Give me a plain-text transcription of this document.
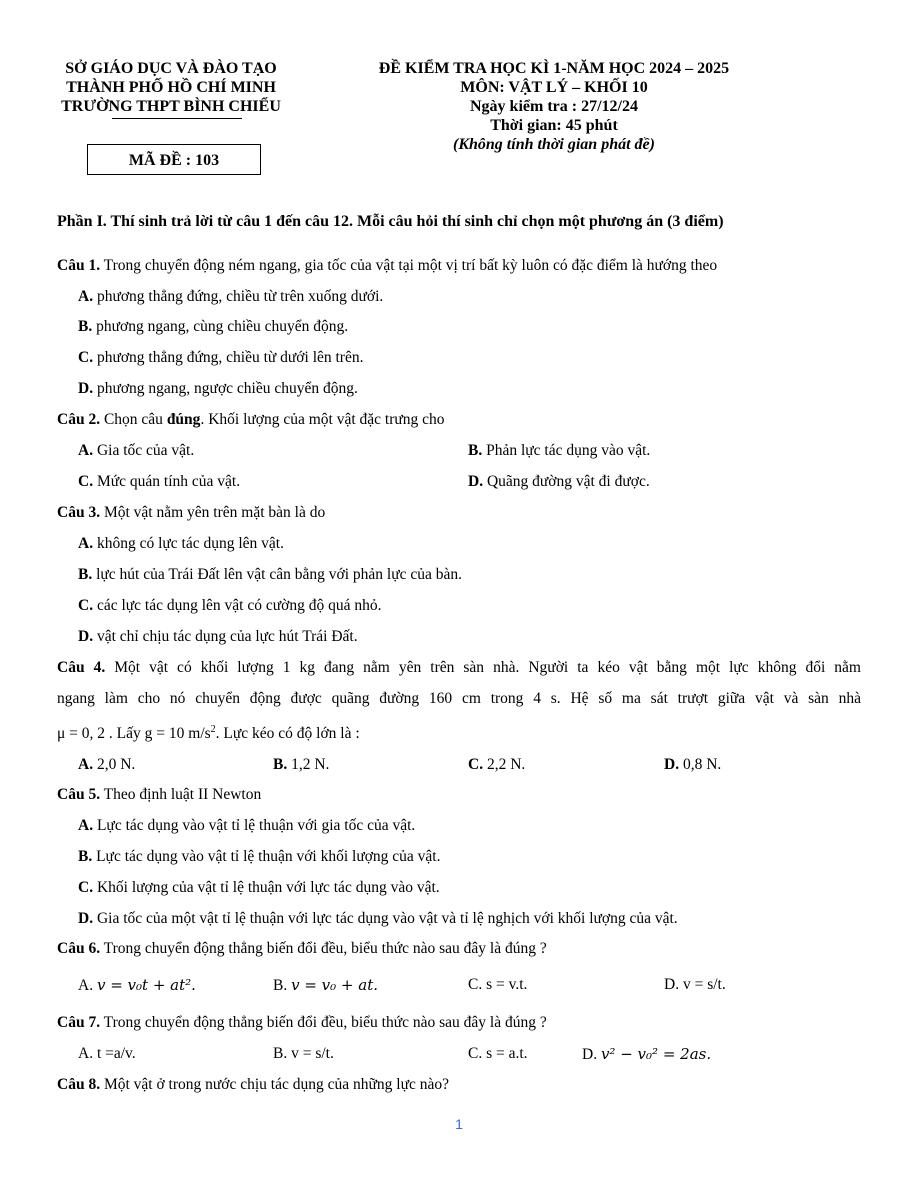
SỞ GIÁO DỤC VÀ ĐÀO TẠO
THÀNH PHỐ HỒ CHÍ MINH
TRƯỜNG THPT BÌNH CHIỂU
ĐỀ KIỂM TRA HỌC KÌ 1-NĂM HỌC 2024 – 2025
MÔN: VẬT LÝ – KHỐI 10
Ngày kiểm tra : 27/12/24
Thời gian: 45 phút
(Không tính thời gian phát đề)
MÃ ĐỀ : 103
Phần I. Thí sinh trả lời từ câu 1 đến câu 12. Mỗi câu hỏi thí sinh chỉ chọn một phương án (3 điểm)
Câu 1. Trong chuyển động ném ngang, gia tốc của vật tại một vị trí bất kỳ luôn có đặc điểm là hướng theo
A. phương thẳng đứng, chiều từ trên xuống dưới.
B. phương ngang, cùng chiều chuyển động.
C. phương thẳng đứng, chiều từ dưới lên trên.
D. phương ngang, ngược chiều chuyển động.
Câu 2. Chọn câu đúng. Khối lượng của một vật đặc trưng cho
A. Gia tốc của vật.	B. Phản lực tác dụng vào vật.
C. Mức quán tính của vật.	D. Quãng đường vật đi được.
Câu 3. Một vật nằm yên trên mặt bàn là do
A. không có lực tác dụng lên vật.
B. lực hút của Trái Đất lên vật cân bằng với phản lực của bàn.
C. các lực tác dụng lên vật có cường độ quá nhỏ.
D. vật chỉ chịu tác dụng của lực hút Trái Đất.
Câu 4. Một vật có khối lượng 1 kg đang nằm yên trên sàn nhà. Người ta kéo vật bằng một lực không đổi nằm
ngang làm cho nó chuyển động được quãng đường 160 cm trong 4 s. Hệ số ma sát trượt giữa vật và sàn nhà
μ = 0, 2 . Lấy g = 10 $m/s^2$. Lực kéo có độ lớn là :
A. 2,0 N.	B. 1,2 N.	C. 2,2 N.	D. 0,8 N.
Câu 5. Theo định luật II Newton
A. Lực tác dụng vào vật tỉ lệ thuận với gia tốc của vật.
B. Lực tác dụng vào vật tỉ lệ thuận với khối lượng của vật.
C. Khối lượng của vật tỉ lệ thuận với lực tác dụng vào vật.
D. Gia tốc của một vật tỉ lệ thuận với lực tác dụng vào vật và tỉ lệ nghịch với khối lượng của vật.
Câu 6. Trong chuyển động thẳng biến đổi đều, biểu thức nào sau đây là đúng ?
A. v = v₀t + at².	B. v = v₀ + at.	C. s = v.t.	D. v = s/t.
Câu 7. Trong chuyển động thẳng biến đổi đều, biểu thức nào sau đây là đúng ?
A. t =a/v.	B. v = s/t.	C. s = a.t.	D. v² − v₀² = 2as.
Câu 8. Một vật ở trong nước chịu tác dụng của những lực nào?
1
